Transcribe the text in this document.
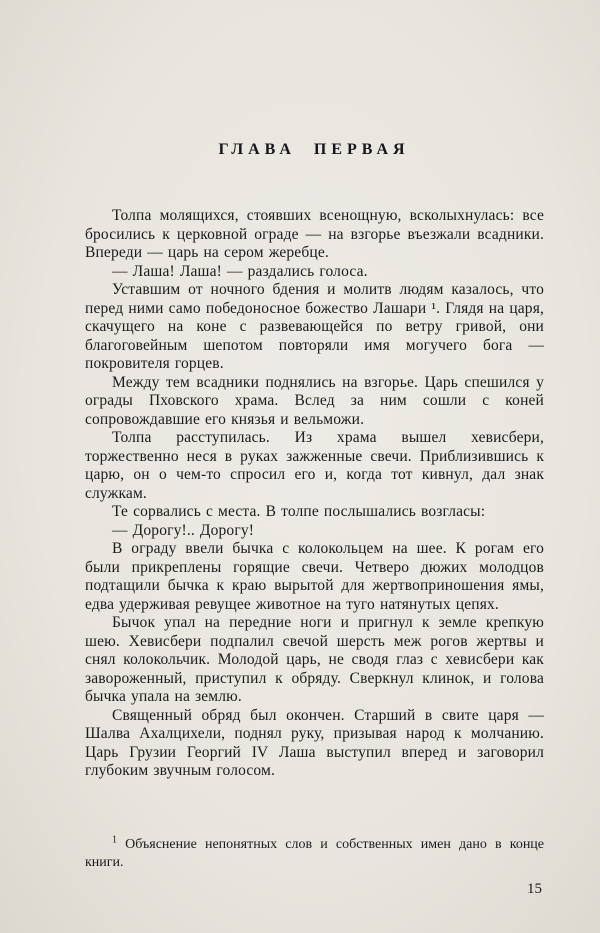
ГЛАВА ПЕРВАЯ

Толпа молящихся, стоявших всенощную, всколыхнулась: все бросились к церковной ограде — на взгорье въезжали всадники. Впереди — царь на сером жеребце.

— Лаша! Лаша! — раздались голоса.

Уставшим от ночного бдения и молитв людям казалось, что перед ними само победоносное божество Лашари ¹. Глядя на царя, скачущего на коне с развевающейся по ветру гривой, они благоговейным шепотом повторяли имя могучего бога — покровителя горцев.

Между тем всадники поднялись на взгорье. Царь спешился у ограды Пховского храма. Вслед за ним сошли с коней сопровождавшие его князья и вельможи.

Толпа расступилась. Из храма вышел хевисбери, торжественно неся в руках зажженные свечи. Приблизившись к царю, он о чем-то спросил его и, когда тот кивнул, дал знак служкам.

Те сорвались с места. В толпе послышались возгласы:

— Дорогу!.. Дорогу!

В ограду ввели бычка с колокольцем на шее. К рогам его были прикреплены горящие свечи. Четверо дюжих молодцов подтащили бычка к краю вырытой для жертвоприношения ямы, едва удерживая ревущее животное на туго натянутых цепях.

Бычок упал на передние ноги и пригнул к земле крепкую шею. Хевисбери подпалил свечой шерсть меж рогов жертвы и снял колокольчик. Молодой царь, не сводя глаз с хевисбери как завороженный, приступил к обряду. Сверкнул клинок, и голова бычка упала на землю.

Священный обряд был окончен. Старший в свите царя — Шалва Ахалцихели, поднял руку, призывая народ к молчанию. Царь Грузии Георгий IV Лаша выступил вперед и заговорил глубоким звучным голосом.

$^1$ Объяснение непонятных слов и собственных имен дано в конце книги.

15
